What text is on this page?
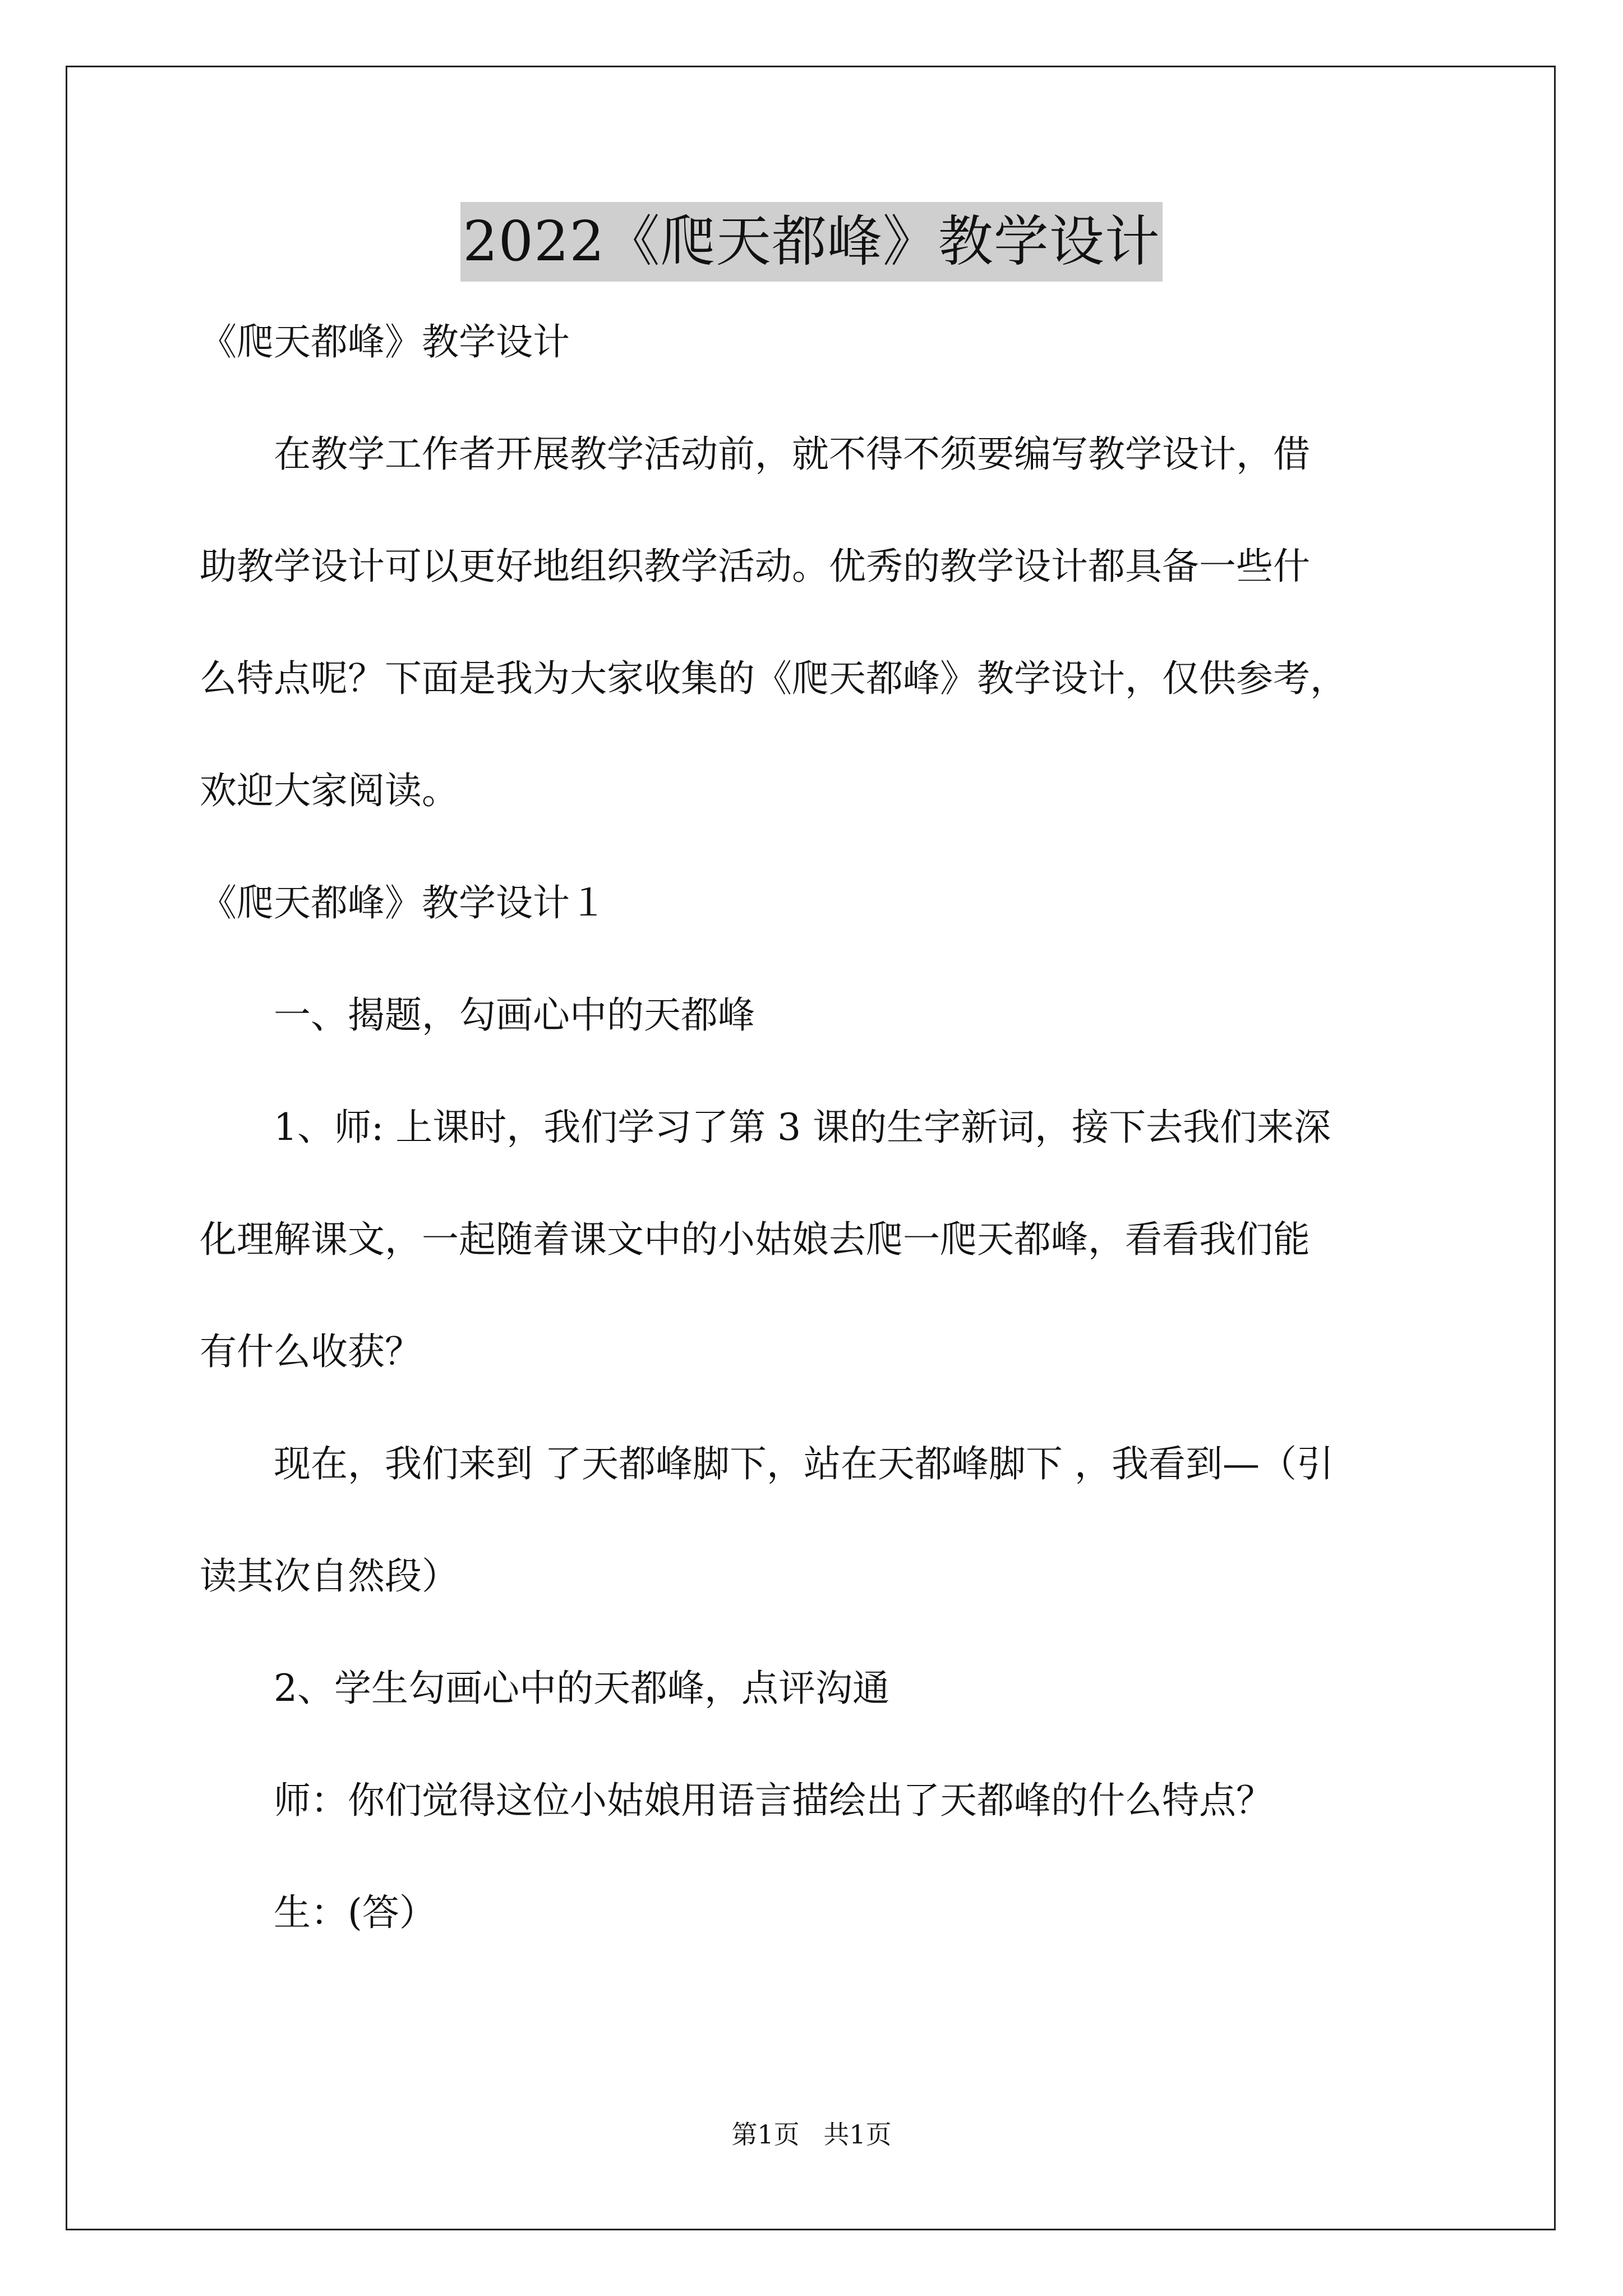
2022《爬天都峰》教学设计
《爬天都峰》教学设计
　　在教学工作者开展教学活动前，就不得不须要编写教学设计，借
助教学设计可以更好地组织教学活动。优秀的教学设计都具备一些什
么特点呢？下面是我为大家收集的《爬天都峰》教学设计，仅供参考，
欢迎大家阅读。
《爬天都峰》教学设计１
　　一、揭题，勾画心中的天都峰
　　1、师: 上课时，我们学习了第 3 课的生字新词，接下去我们来深
化理解课文，一起随着课文中的小姑娘去爬一爬天都峰，看看我们能
有什么收获？
　　现在，我们来到 了天都峰脚下，站在天都峰脚下 ，我看到—（引
读其次自然段）
　　2、学生勾画心中的天都峰，点评沟通
　　师：你们觉得这位小姑娘用语言描绘出了天都峰的什么特点？
　　生：(答）
第1页 共1页
